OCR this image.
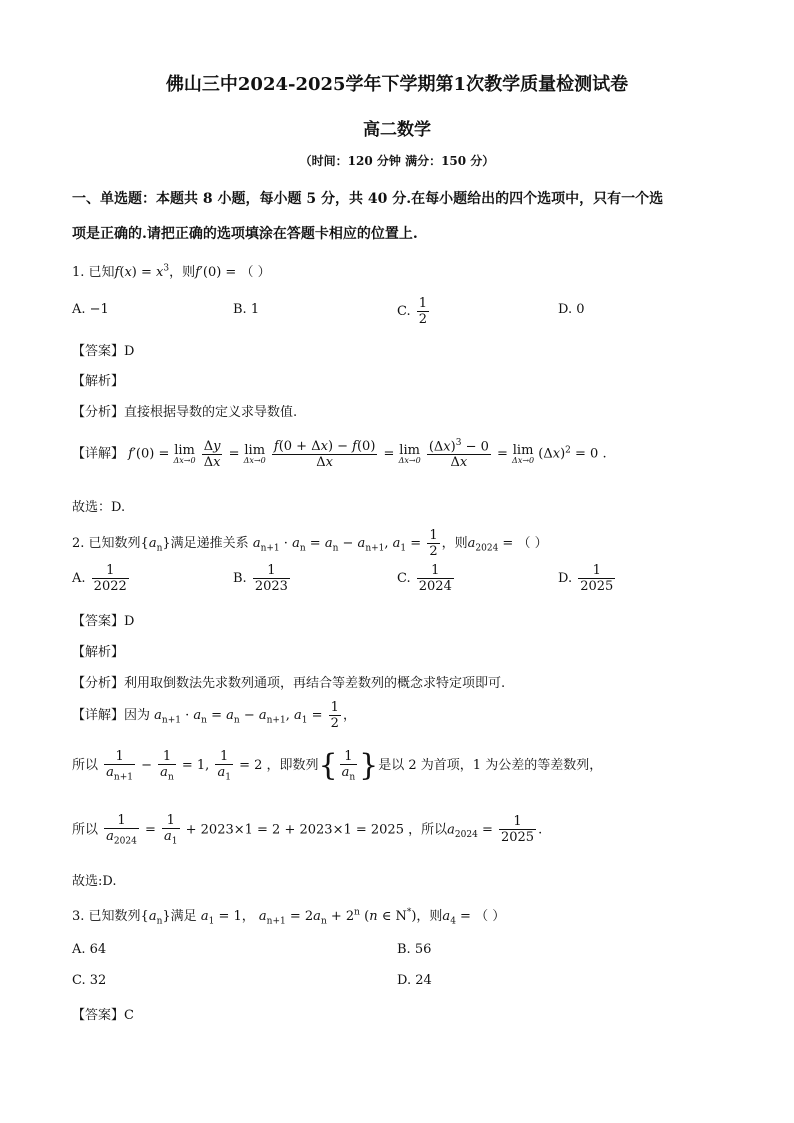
佛山三中2024-2025学年下学期第1次教学质量检测试卷
高二数学
（时间：120 分钟 满分：150 分）
一、单选题：本题共 8 小题，每小题 5 分，共 40 分.在每小题给出的四个选项中，只有一个选
项是正确的.请把正确的选项填涂在答题卡相应的位置上.
1. 已知$f(x) = x^3$，则f′(0) = （ ）
A. −1	B. 1	C. $\frac{1}{2}$	D. 0
【答案】D
【解析】
【分析】直接根据导数的定义求导数值.
【详解】 f′(0) = lim
Δx→0
$\frac{\Delta y}{\Delta x} = \lim$
Δx→0
$\frac{f(0 + \Delta x) - f(0)}{\Delta x} = \lim$
Δx→0
$\frac{(\Delta x)^3 - 0}{\Delta x} = \lim$
Δx→0 $(\Delta x)^2 = 0$ .
故选：D.
2. 已知数列$\{a_n\}$满足递推关系 $a_{n+1} \cdot a_n = a_n - a_{n+1}$, $a_1 = \frac{1}{2}$ ，则$a_{2024}$ = （ ）
A. $\frac{1}{2022}$	B. $\frac{1}{2023}$	C. $\frac{1}{2024}$	D. $\frac{1}{2025}$
【答案】D
【解析】
【分析】利用取倒数法先求数列通项，再结合等差数列的概念求特定项即可.
【详解】因为 $a_{n+1} \cdot a_n = a_n - a_{n+1}$, $a_1 = \frac{1}{2}$ ，
所以 $\frac{1}{a_{n+1}} - \frac{1}{a_n} = 1$, $\frac{1}{a_1} = 2$ ，即数列{ $\frac{1}{a_n}$ }是以 2 为首项，1 为公差的等差数列，
所以 $\frac{1}{a_{2024}} = \frac{1}{a_1} + 2023\times 1 = 2 + 2023\times 1 = 2025$ ，所以$a_{2024} = \frac{1}{2025}$ .
故选:D.
3. 已知数列$\{a_n\}$满足 $a_1 = 1$， $a_{n+1} = 2a_n + 2^n$ (n ∈ N*)，则$a_4$ = （ ）
A. 64	B. 56
C. 32	D. 24
【答案】C
